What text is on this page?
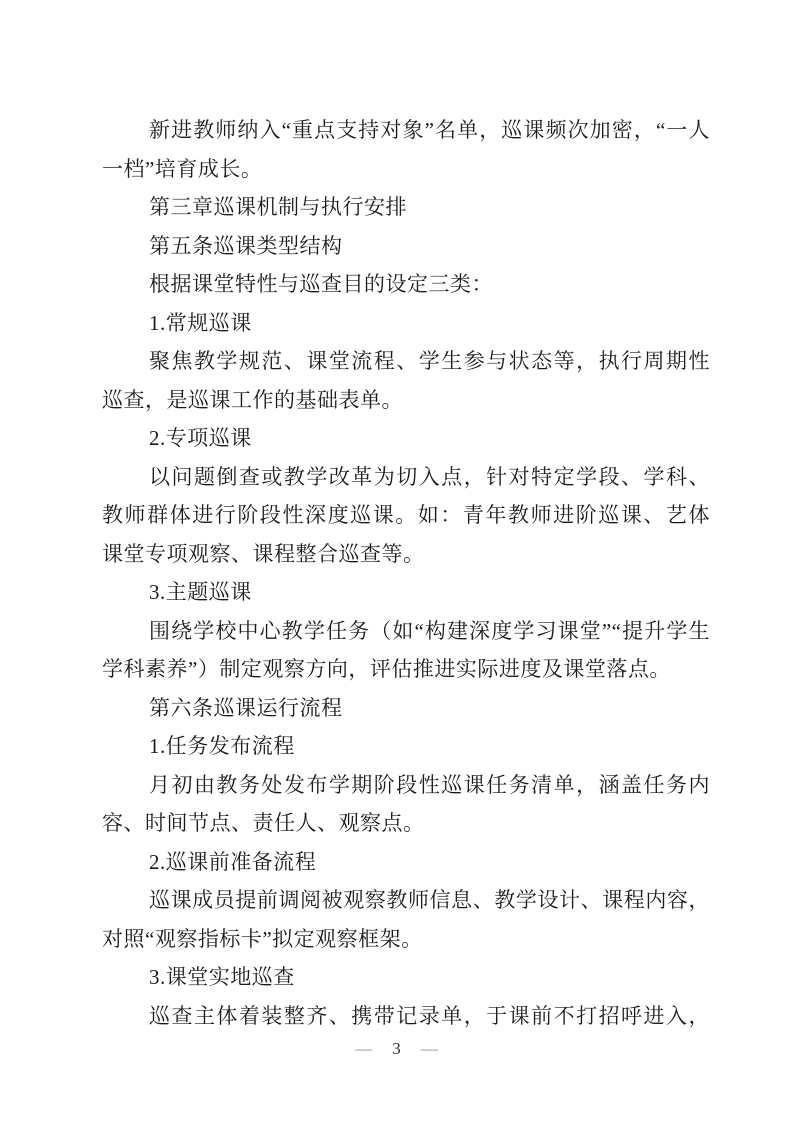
新进教师纳入“重点支持对象”名单，巡课频次加密，“一人
一档”培育成长。
第三章巡课机制与执行安排
第五条巡课类型结构
根据课堂特性与巡查目的设定三类：
1.常规巡课
聚焦教学规范、课堂流程、学生参与状态等，执行周期性
巡查，是巡课工作的基础表单。
2.专项巡课
以问题倒查或教学改革为切入点，针对特定学段、学科、
教师群体进行阶段性深度巡课。如：青年教师进阶巡课、艺体
课堂专项观察、课程整合巡查等。
3.主题巡课
围绕学校中心教学任务（如“构建深度学习课堂”“提升学生
学科素养”）制定观察方向，评估推进实际进度及课堂落点。
第六条巡课运行流程
1.任务发布流程
月初由教务处发布学期阶段性巡课任务清单，涵盖任务内
容、时间节点、责任人、观察点。
2.巡课前准备流程
巡课成员提前调阅被观察教师信息、教学设计、课程内容，
对照“观察指标卡”拟定观察框架。
3.课堂实地巡查
巡查主体着装整齐、携带记录单，于课前不打招呼进入，
— 3 —
